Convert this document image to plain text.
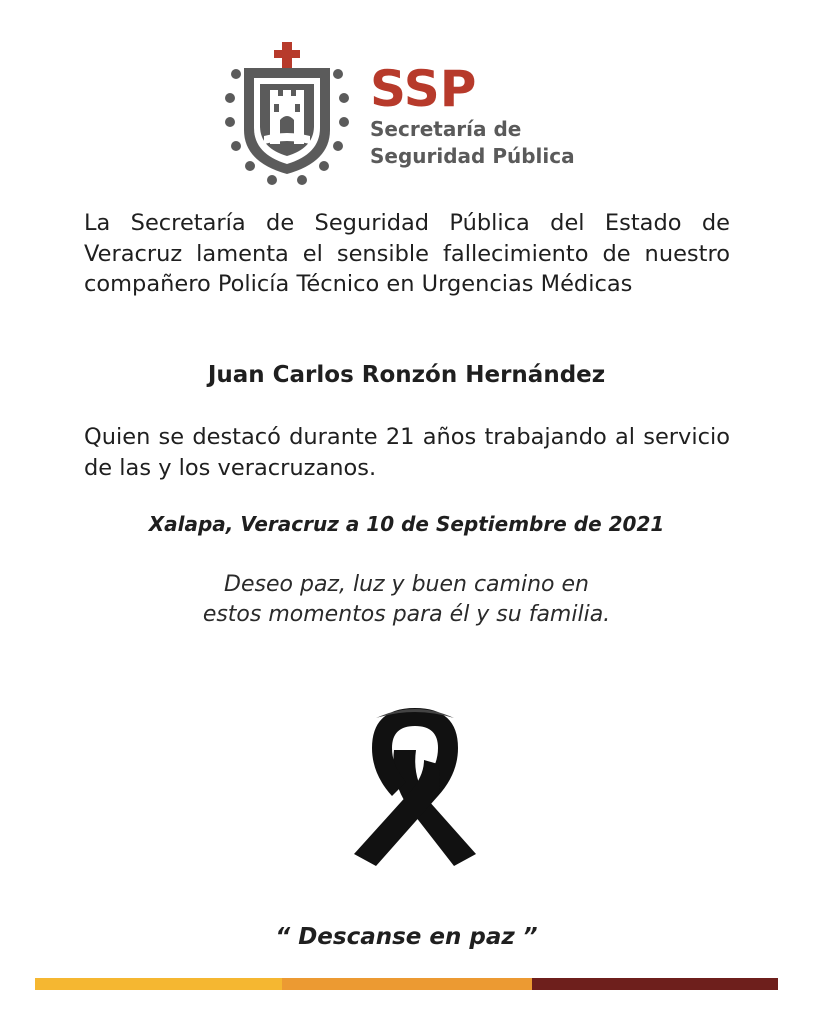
SSP
Secretaría de
Seguridad Pública
La Secretaría de Seguridad Pública del Estado de Veracruz lamenta el sensible fallecimiento de nuestro compañero Policía Técnico en Urgencias Médicas
Juan Carlos Ronzón Hernández
Quien se destacó durante 21 años trabajando al servicio de las y los veracruzanos.
Xalapa, Veracruz a 10 de Septiembre de 2021
Deseo paz, luz y buen camino en
estos momentos para él y su familia.
“ Descanse en paz ”
